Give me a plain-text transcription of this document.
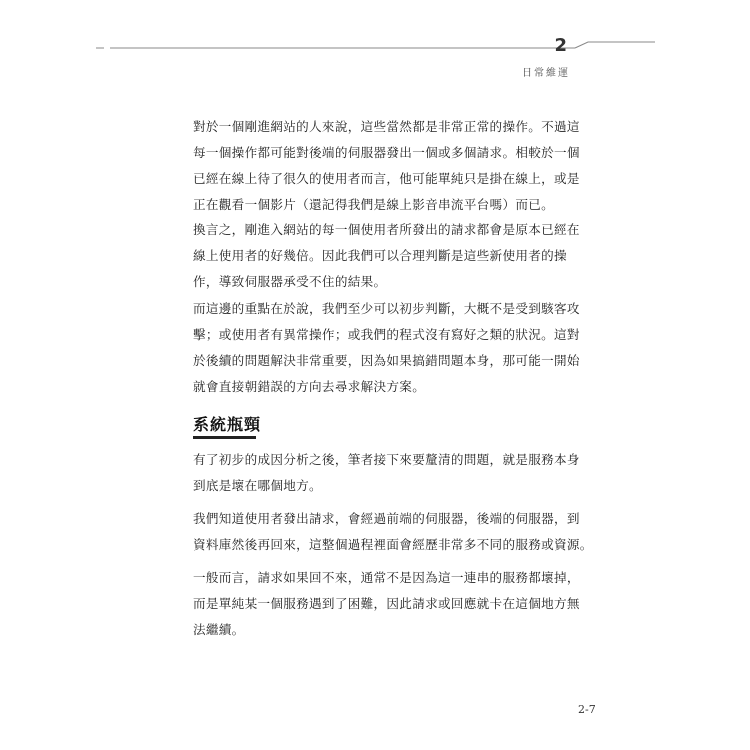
2
日常維運
對於一個剛進網站的人來說，這些當然都是非常正常的操作。不過這
每一個操作都可能對後端的伺服器發出一個或多個請求。相較於一個
已經在線上待了很久的使用者而言，他可能單純只是掛在線上，或是
正在觀看一個影片（還記得我們是線上影音串流平台嗎）而已。
換言之，剛進入網站的每一個使用者所發出的請求都會是原本已經在
線上使用者的好幾倍。因此我們可以合理判斷是這些新使用者的操
作，導致伺服器承受不住的結果。
而這邊的重點在於說，我們至少可以初步判斷，大概不是受到駭客攻
擊；或使用者有異常操作；或我們的程式沒有寫好之類的狀況。這對
於後續的問題解決非常重要，因為如果搞錯問題本身，那可能一開始
就會直接朝錯誤的方向去尋求解決方案。
系統瓶頸
有了初步的成因分析之後，筆者接下來要釐清的問題，就是服務本身
到底是壞在哪個地方。
我們知道使用者發出請求，會經過前端的伺服器，後端的伺服器，到
資料庫然後再回來，這整個過程裡面會經歷非常多不同的服務或資源。
一般而言，請求如果回不來，通常不是因為這一連串的服務都壞掉，
而是單純某一個服務遇到了困難，因此請求或回應就卡在這個地方無
法繼續。
2-7
